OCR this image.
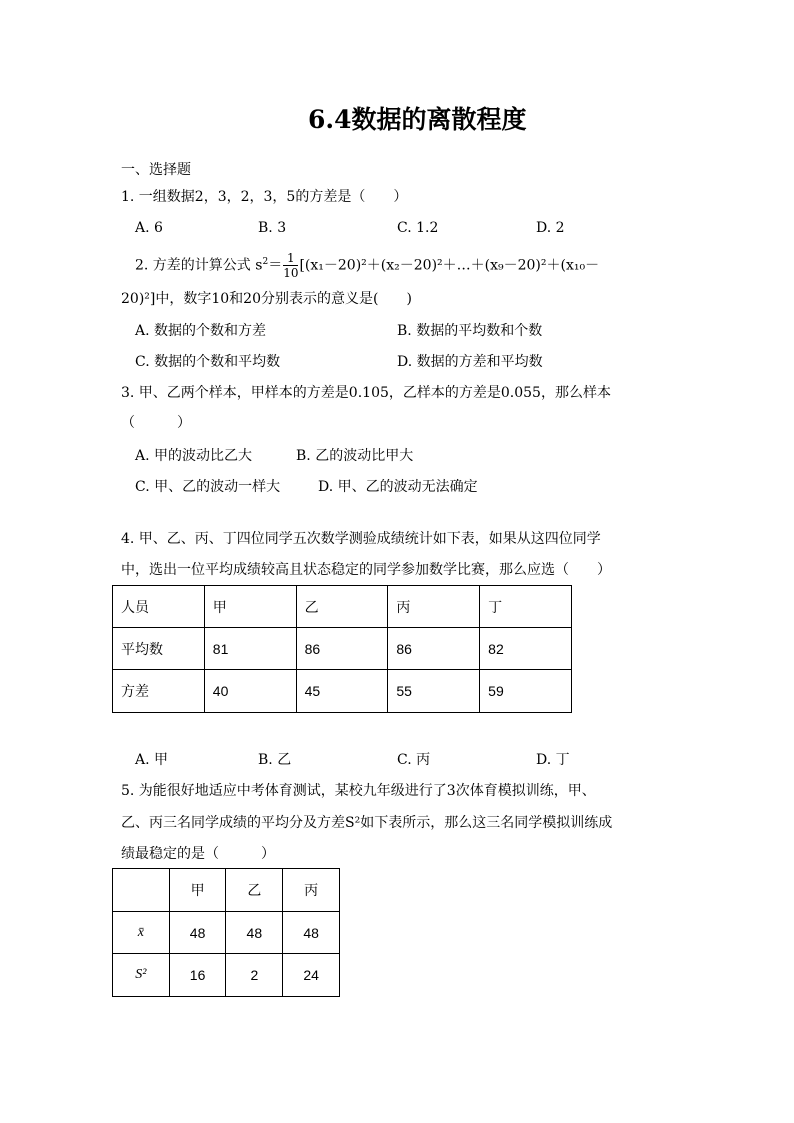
6.4数据的离散程度
一、选择题
1. 一组数据2，3，2，3，5的方差是（　　）
A. 6	B. 3	C. 1.2	D. 2
2. 方差的计算公式 $s^2= \frac{1}{10}$ [(x₁－20)²＋(x₂－20)²＋…＋(x₉－20)²＋(x₁₀－
20)²]中，数字10和20分别表示的意义是(　　)
A. 数据的个数和方差	B. 数据的平均数和个数
C. 数据的个数和平均数	D. 数据的方差和平均数
3. 甲、乙两个样本，甲样本的方差是0.105，乙样本的方差是0.055，那么样本
（　　　）
A. 甲的波动比乙大	B. 乙的波动比甲大
C. 甲、乙的波动一样大	D. 甲、乙的波动无法确定
4. 甲、乙、丙、丁四位同学五次数学测验成绩统计如下表，如果从这四位同学
中，选出一位平均成绩较高且状态稳定的同学参加数学比赛，那么应选（　　）
人员	甲	乙	丙	丁
平均数	81	86	86	82
方差	40	45	55	59
A. 甲	B. 乙	C. 丙	D. 丁
5. 为能很好地适应中考体育测试，某校九年级进行了3次体育模拟训练，甲、
乙、丙三名同学成绩的平均分及方差S²如下表所示，那么这三名同学模拟训练成
绩最稳定的是（　　　）
	甲	乙	丙
x̄	48	48	48
S²	16	2	24
